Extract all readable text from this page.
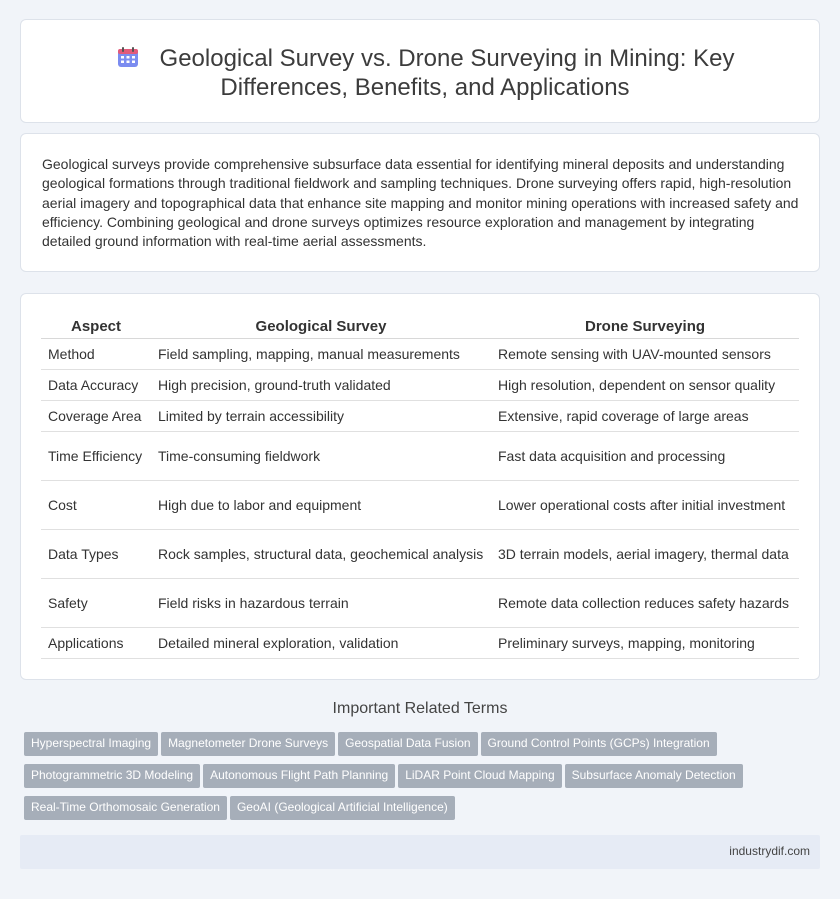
Geological Survey vs. Drone Surveying in Mining: Key Differences, Benefits, and Applications

Geological surveys provide comprehensive subsurface data essential for identifying mineral deposits and understanding geological formations through traditional fieldwork and sampling techniques. Drone surveying offers rapid, high-resolution aerial imagery and topographical data that enhance site mapping and monitor mining operations with increased safety and efficiency. Combining geological and drone surveys optimizes resource exploration and management by integrating detailed ground information with real-time aerial assessments.

Aspect	Geological Survey	Drone Surveying
Method	Field sampling, mapping, manual measurements	Remote sensing with UAV-mounted sensors
Data Accuracy	High precision, ground-truth validated	High resolution, dependent on sensor quality
Coverage Area	Limited by terrain accessibility	Extensive, rapid coverage of large areas
Time Efficiency	Time-consuming fieldwork	Fast data acquisition and processing
Cost	High due to labor and equipment	Lower operational costs after initial investment
Data Types	Rock samples, structural data, geochemical analysis	3D terrain models, aerial imagery, thermal data
Safety	Field risks in hazardous terrain	Remote data collection reduces safety hazards
Applications	Detailed mineral exploration, validation	Preliminary surveys, mapping, monitoring
Important Related Terms
Hyperspectral Imaging Magnetometer Drone Surveys Geospatial Data Fusion Ground Control Points (GCPs) Integration
Photogrammetric 3D Modeling Autonomous Flight Path Planning LiDAR Point Cloud Mapping Subsurface Anomaly Detection
Real-Time Orthomosaic Generation GeoAI (Geological Artificial Intelligence)
industrydif.com
